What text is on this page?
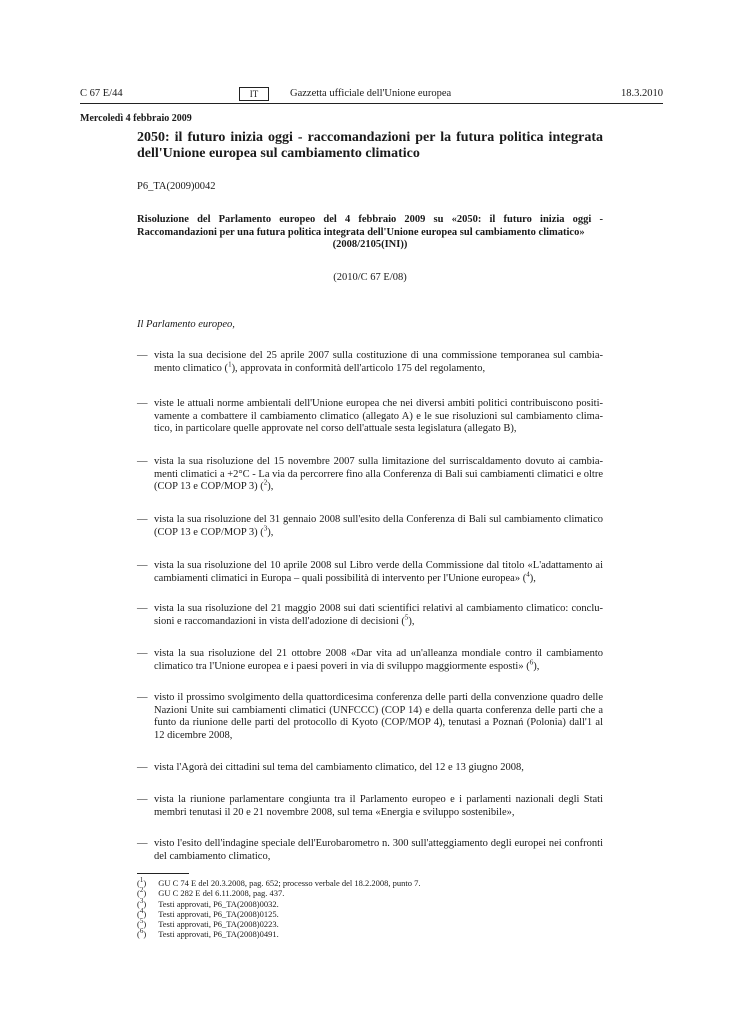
C 67 E/44	IT	Gazzetta ufficiale dell'Unione europea	18.3.2010
Mercoledì 4 febbraio 2009
2050: il futuro inizia oggi - raccomandazioni per la futura politica integrata dell'Unione europea sul cambiamento climatico
P6_TA(2009)0042
Risoluzione del Parlamento europeo del 4 febbraio 2009 su «2050: il futuro inizia oggi - Raccomandazioni per una futura politica integrata dell'Unione europea sul cambiamento climatico»
(2008/2105(INI))
(2010/C 67 E/08)
Il Parlamento europeo,
— vista la sua decisione del 25 aprile 2007 sulla costituzione di una commissione temporanea sul cambiamento climatico ($^1$), approvata in conformità dell'articolo 175 del regolamento,
— viste le attuali norme ambientali dell'Unione europea che nei diversi ambiti politici contribuiscono positivamente a combattere il cambiamento climatico (allegato A) e le sue risoluzioni sul cambiamento climatico, in particolare quelle approvate nel corso dell'attuale sesta legislatura (allegato B),
— vista la sua risoluzione del 15 novembre 2007 sulla limitazione del surriscaldamento dovuto ai cambiamenti climatici a +2°C - La via da percorrere fino alla Conferenza di Bali sui cambiamenti climatici e oltre (COP 13 e COP/MOP 3) ($^2$),
— vista la sua risoluzione del 31 gennaio 2008 sull'esito della Conferenza di Bali sul cambiamento climatico (COP 13 e COP/MOP 3) ($^3$),
— vista la sua risoluzione del 10 aprile 2008 sul Libro verde della Commissione dal titolo «L'adattamento ai cambiamenti climatici in Europa – quali possibilità di intervento per l'Unione europea» ($^4$),
— vista la sua risoluzione del 21 maggio 2008 sui dati scientifici relativi al cambiamento climatico: conclusioni e raccomandazioni in vista dell'adozione di decisioni ($^5$),
— vista la sua risoluzione del 21 ottobre 2008 «Dar vita ad un'alleanza mondiale contro il cambiamento climatico tra l'Unione europea e i paesi poveri in via di sviluppo maggiormente esposti» ($^6$),
— visto il prossimo svolgimento della quattordicesima conferenza delle parti della convenzione quadro delle Nazioni Unite sui cambiamenti climatici (UNFCCC) (COP 14) e della quarta conferenza delle parti che a funto da riunione delle parti del protocollo di Kyoto (COP/MOP 4), tenutasi a Poznań (Polonia) dall'1 al 12 dicembre 2008,
— vista l'Agorà dei cittadini sul tema del cambiamento climatico, del 12 e 13 giugno 2008,
— vista la riunione parlamentare congiunta tra il Parlamento europeo e i parlamenti nazionali degli Stati membri tenutasi il 20 e 21 novembre 2008, sul tema «Energia e sviluppo sostenibile»,
— visto l'esito dell'indagine speciale dell'Eurobarometro n. 300 sull'atteggiamento degli europei nei confronti del cambiamento climatico,
($^1$) GU C 74 E del 20.3.2008, pag. 652; processo verbale del 18.2.2008, punto 7.
($^2$) GU C 282 E del 6.11.2008, pag. 437.
($^3$) Testi approvati, P6_TA(2008)0032.
($^4$) Testi approvati, P6_TA(2008)0125.
($^5$) Testi approvati, P6_TA(2008)0223.
($^6$) Testi approvati, P6_TA(2008)0491.
